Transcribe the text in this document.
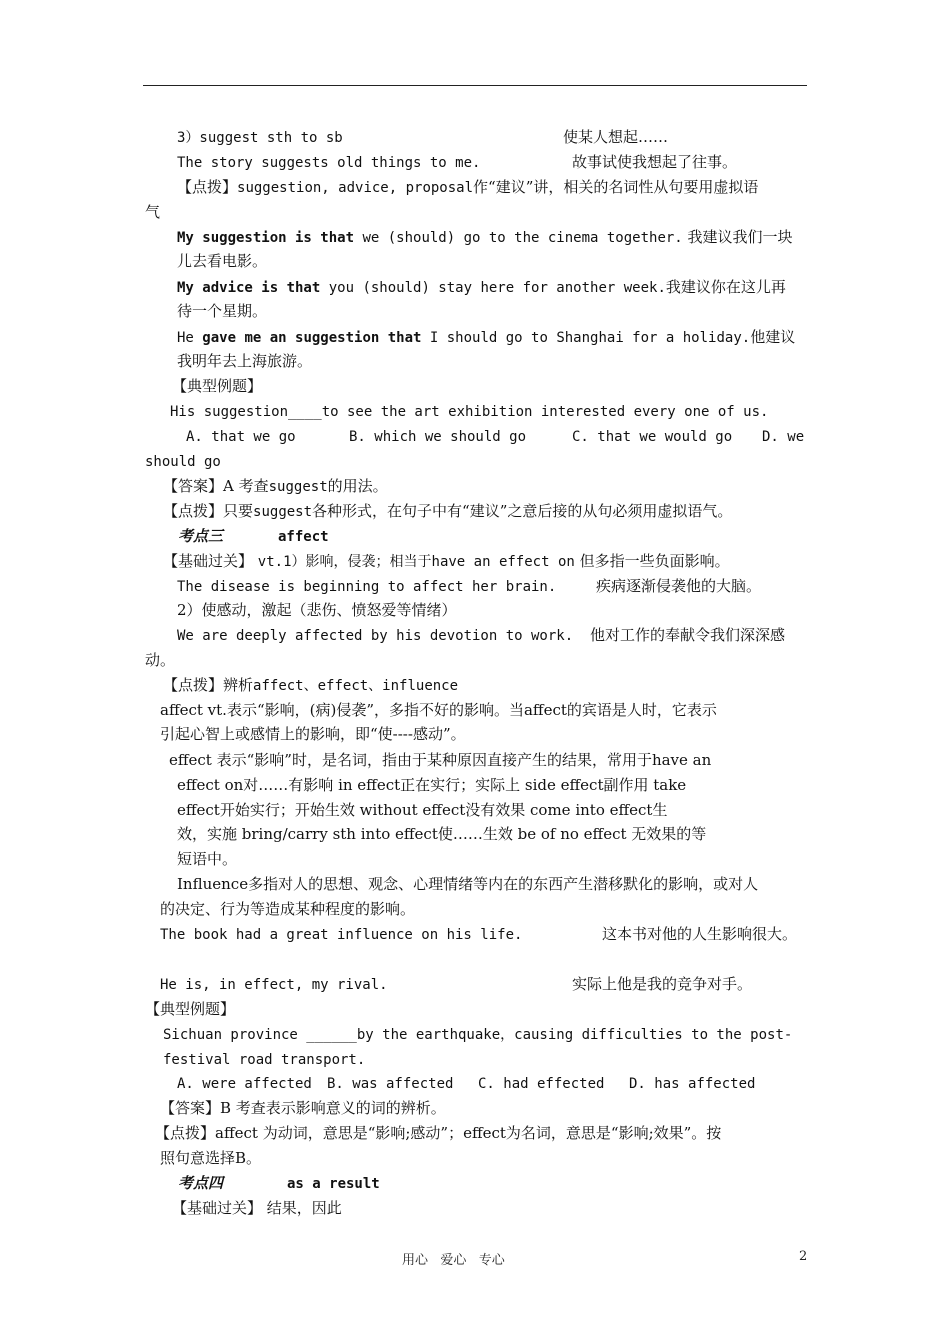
3）suggest sth to sb	使某人想起……
The story suggests old things to me.	故事试使我想起了往事。
【点拨】suggestion, advice, proposal作“建议”讲，相关的名词性从句要用虚拟语
气
My suggestion is that we (should) go to the cinema together. 我建议我们一块
儿去看电影。
My advice is that you (should) stay here for another week.我建议你在这儿再
待一个星期。
He gave me an suggestion that I should go to Shanghai for a holiday.他建议
我明年去上海旅游。
【典型例题】
His suggestion____to see the art exhibition interested every one of us.
A. that we go	B. which we should go	C. that we would go D. we
should go
【答案】A 考查suggest的用法。
【点拨】只要suggest各种形式，在句子中有“建议”之意后接的从句必须用虚拟语气。
考点三	affect
【基础过关】 vt.1）影响，侵袭；相当于have an effect on 但多指一些负面影响。
The disease is beginning to affect her brain.	疾病逐渐侵袭他的大脑。
2）使感动，激起（悲伤、愤怒爱等情绪）
We are deeply affected by his devotion to work. 他对工作的奉献令我们深深感
动。
【点拨】辨析affect、effect、influence
affect vt.表示“影响，(病)侵袭”，多指不好的影响。当affect的宾语是人时，它表示
引起心智上或感情上的影响，即“使----感动”。
effect 表示“影响”时，是名词，指由于某种原因直接产生的结果，常用于have an
effect on对……有影响 in effect正在实行；实际上 side effect副作用 take
effect开始实行；开始生效 without effect没有效果 come into effect生
效，实施 bring/carry sth into effect使……生效 be of no effect 无效果的等
短语中。
Influence多指对人的思想、观念、心理情绪等内在的东西产生潜移默化的影响，或对人
的决定、行为等造成某种程度的影响。
The book had a great influence on his life.	这本书对他的人生影响很大。
He is, in effect, my rival.	实际上他是我的竞争对手。
【典型例题】
Sichuan province ______by the earthquake，causing difficulties to the post-
festival road transport.
A. were affected B. was affected C. had effected D. has affected
【答案】B 考查表示影响意义的词的辨析。
【点拨】affect 为动词，意思是“影响;感动”；effect为名词，意思是“影响;效果”。按
照句意选择B。
考点四	as a result
【基础过关】 结果，因此
用心   爱心   专心	2
